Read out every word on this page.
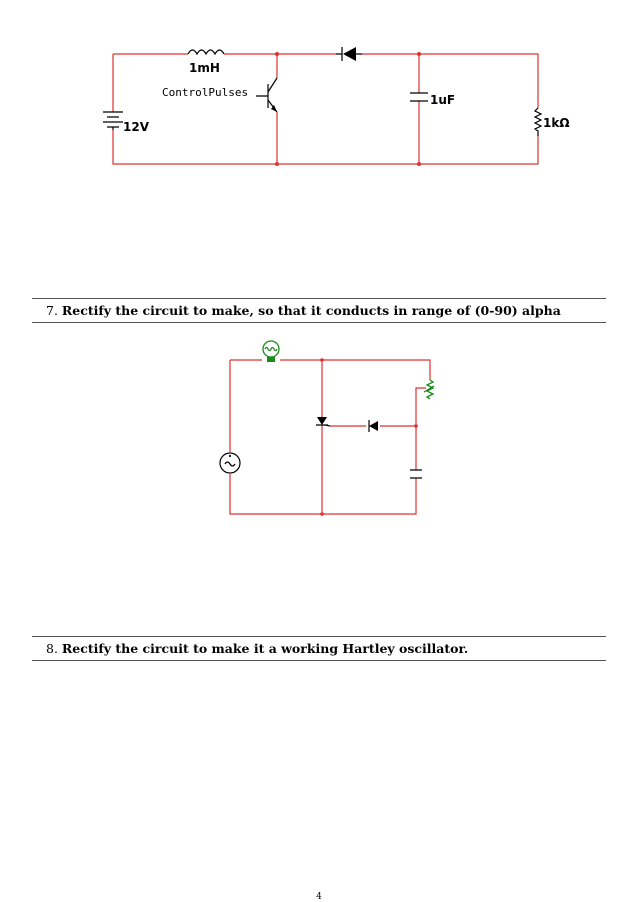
1mH
ControlPulses
12V
1uF
1kΩ
7. Rectify the circuit to make, so that it conducts in range of (0-90) alpha
8. Rectify the circuit to make it a working Hartley oscillator.
4
